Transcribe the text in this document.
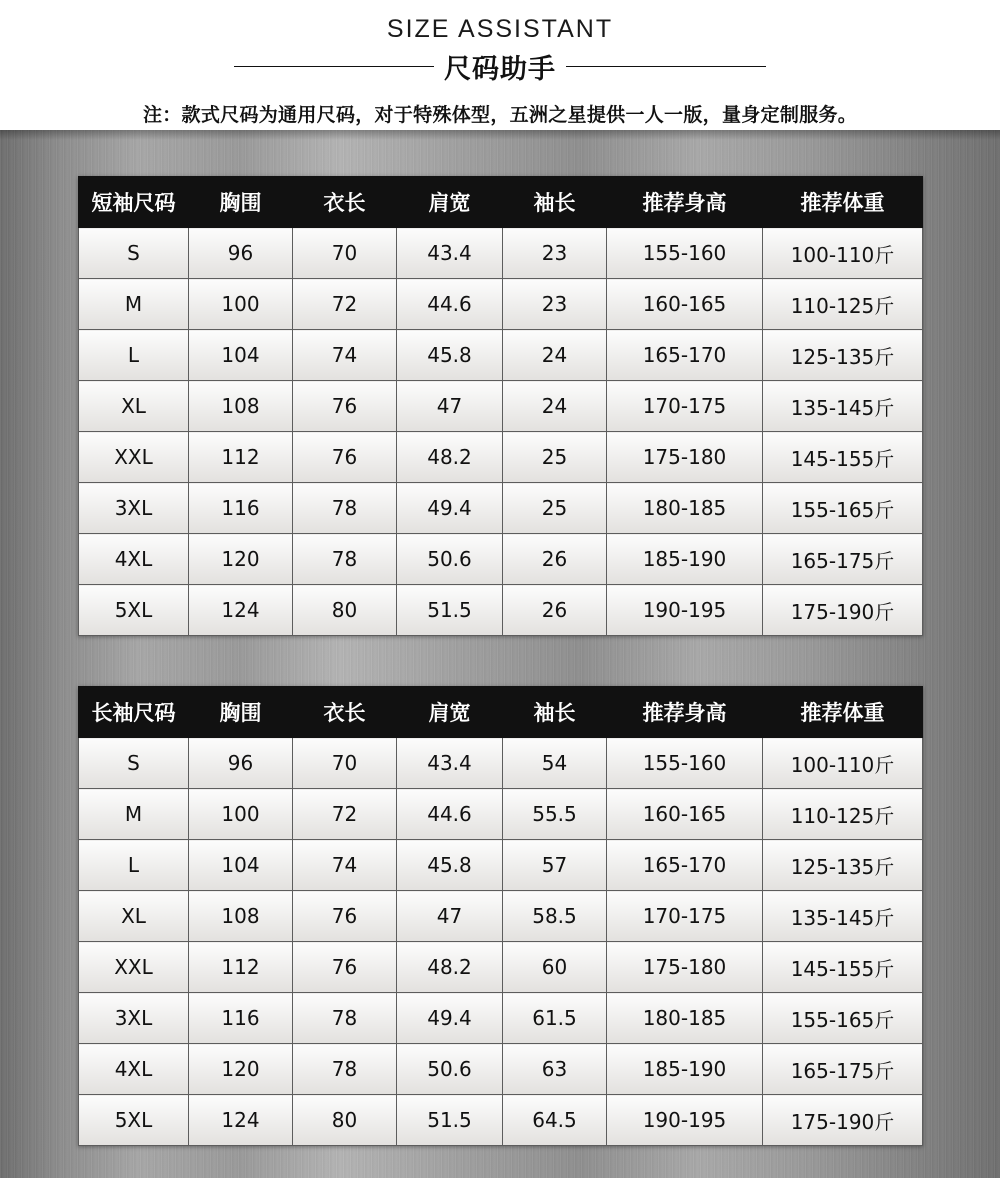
SIZE ASSISTANT
尺码助手
注：款式尺码为通用尺码，对于特殊体型，五洲之星提供一人一版，量身定制服务。
短袖尺码	胸围	衣长	肩宽	袖长	推荐身高	推荐体重
S	96	70	43.4	23	155-160	100-110斤
M	100	72	44.6	23	160-165	110-125斤
L	104	74	45.8	24	165-170	125-135斤
XL	108	76	47	24	170-175	135-145斤
XXL	112	76	48.2	25	175-180	145-155斤
3XL	116	78	49.4	25	180-185	155-165斤
4XL	120	78	50.6	26	185-190	165-175斤
5XL	124	80	51.5	26	190-195	175-190斤
长袖尺码	胸围	衣长	肩宽	袖长	推荐身高	推荐体重
S	96	70	43.4	54	155-160	100-110斤
M	100	72	44.6	55.5	160-165	110-125斤
L	104	74	45.8	57	165-170	125-135斤
XL	108	76	47	58.5	170-175	135-145斤
XXL	112	76	48.2	60	175-180	145-155斤
3XL	116	78	49.4	61.5	180-185	155-165斤
4XL	120	78	50.6	63	185-190	165-175斤
5XL	124	80	51.5	64.5	190-195	175-190斤
